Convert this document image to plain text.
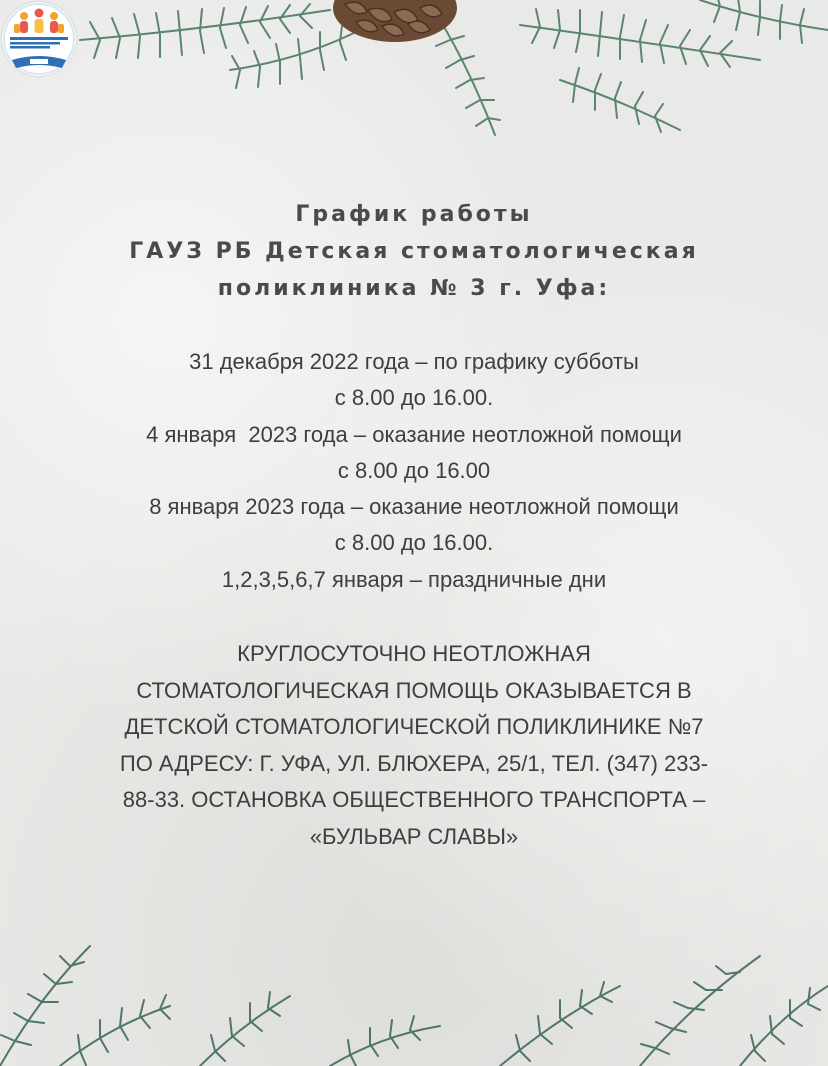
График работы
ГАУЗ РБ Детская стоматологическая
поликлиника № 3 г. Уфа:
31 декабря 2022 года – по графику субботы
с 8.00 до 16.00.
4 января  2023 года – оказание неотложной помощи
с 8.00 до 16.00
8 января 2023 года – оказание неотложной помощи
с 8.00 до 16.00.
1,2,3,5,6,7 января – праздничные дни
КРУГЛОСУТОЧНО НЕОТЛОЖНАЯ
СТОМАТОЛОГИЧЕСКАЯ ПОМОЩЬ ОКАЗЫВАЕТСЯ В
ДЕТСКОЙ СТОМАТОЛОГИЧЕСКОЙ ПОЛИКЛИНИКЕ №7
ПО АДРЕСУ: Г. УФА, УЛ. БЛЮХЕРА, 25/1, ТЕЛ. (347) 233-
88-33. ОСТАНОВКА ОБЩЕСТВЕННОГО ТРАНСПОРТА –
«БУЛЬВАР СЛАВЫ»
